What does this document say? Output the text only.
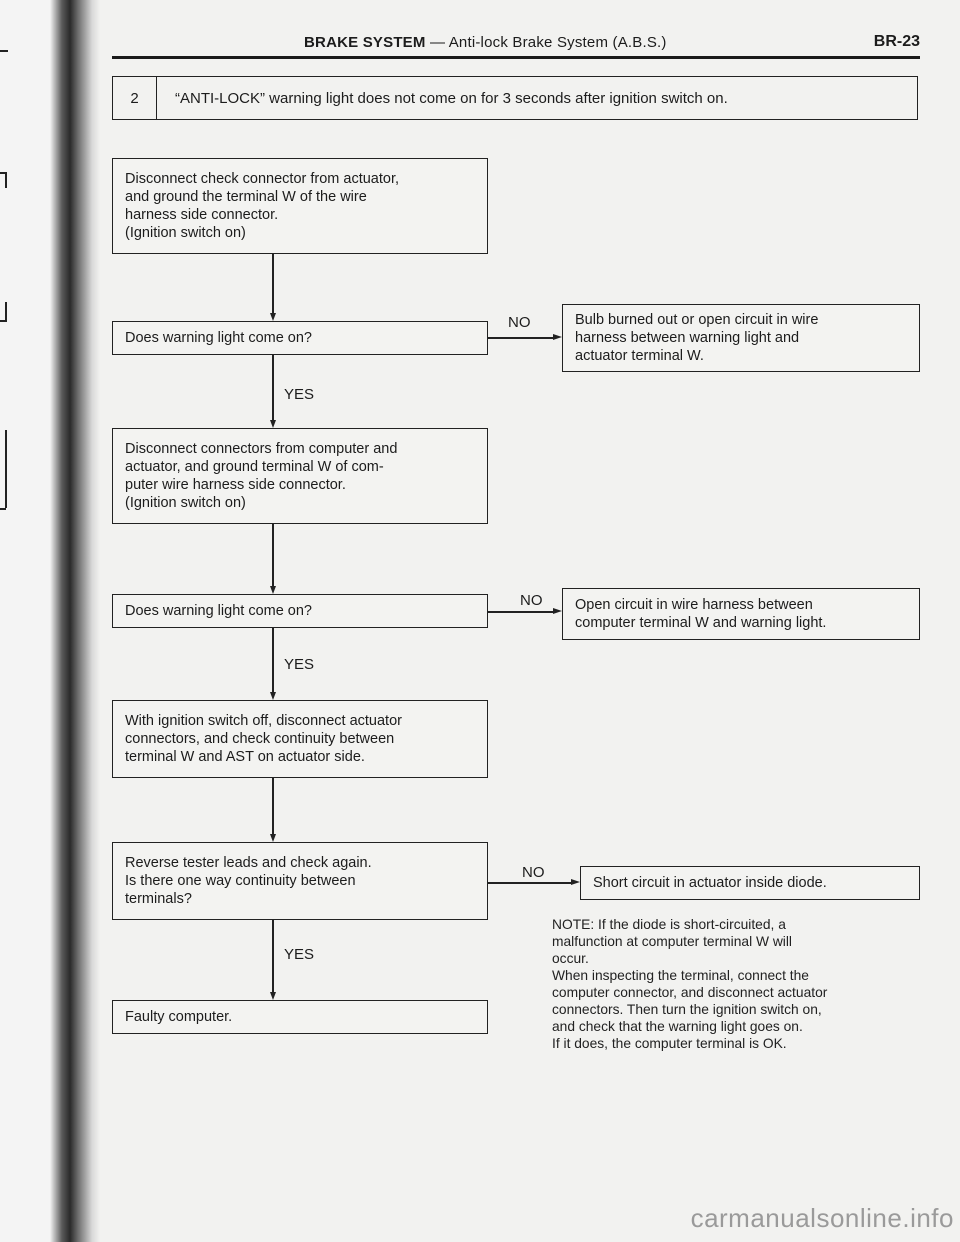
BRAKE SYSTEM — Anti-lock Brake System (A.B.S.)	BR-23
2	“ANTI-LOCK” warning light does not come on for 3 seconds after ignition switch on.
Disconnect check connector from actuator,
and ground the terminal W of the wire
harness side connector.
(Ignition switch on)
Does warning light come on?
Disconnect connectors from computer and
actuator, and ground terminal W of com-
puter wire harness side connector.
(Ignition switch on)
Does warning light come on?
With ignition switch off, disconnect actuator
connectors, and check continuity between
terminal W and AST on actuator side.
Reverse tester leads and check again.
Is there one way continuity between
terminals?
Faulty computer.
Bulb burned out or open circuit in wire
harness between warning light and
actuator terminal W.
Open circuit in wire harness between
computer terminal W and warning light.
Short circuit in actuator inside diode.
YES
YES
YES
NO
NO
NO
NOTE: If the diode is short-circuited, a
malfunction at computer terminal W will
occur.
When inspecting the terminal, connect the
computer connector, and disconnect actuator
connectors. Then turn the ignition switch on,
and check that the warning light goes on.
If it does, the computer terminal is OK.
carmanualsonline.info
